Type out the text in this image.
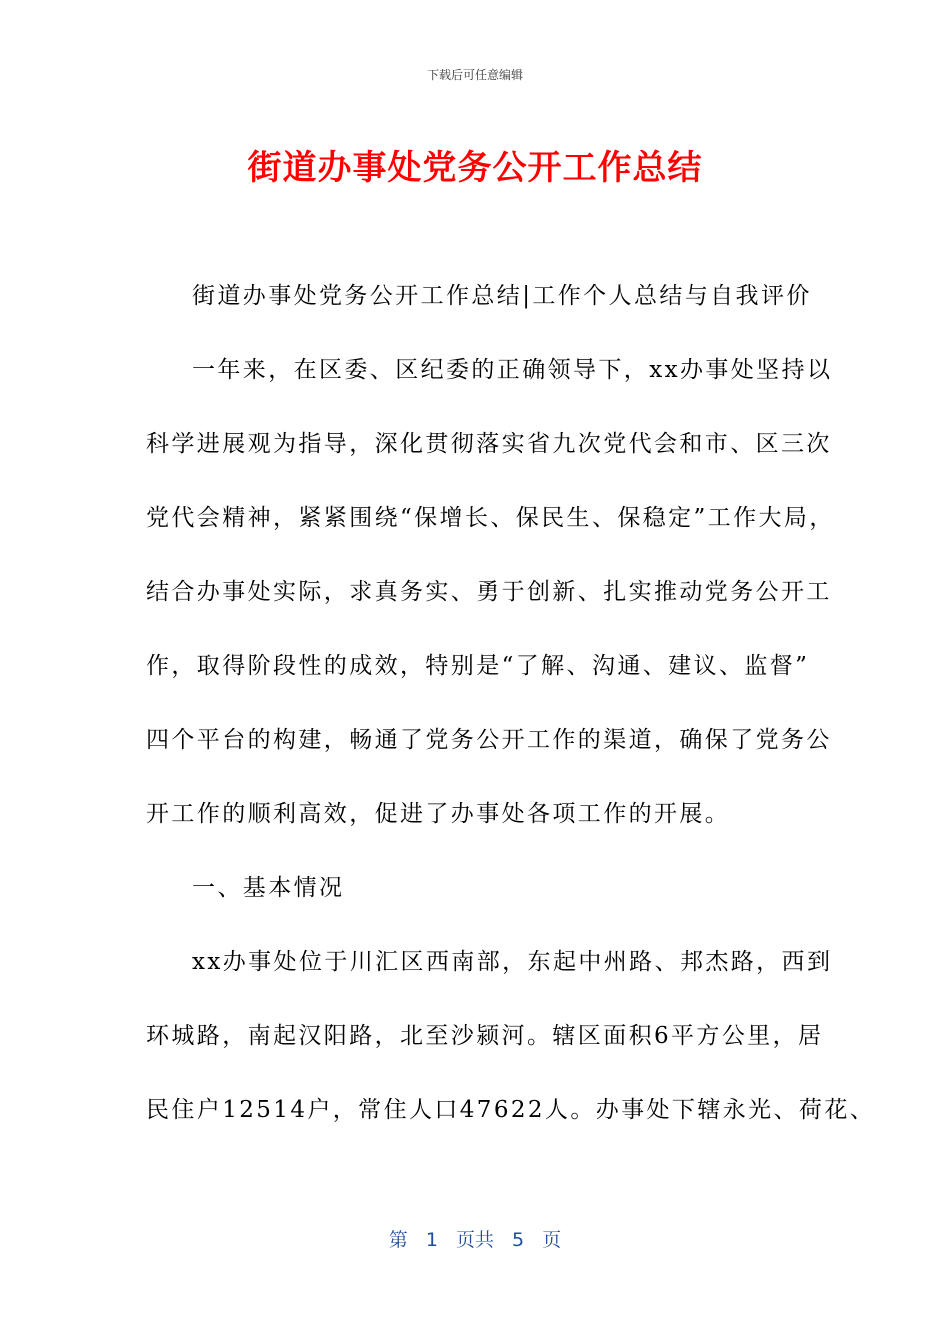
下载后可任意编辑
街道办事处党务公开工作总结
街道办事处党务公开工作总结|工作个人总结与自我评价
一年来，在区委、区纪委的正确领导下，xx办事处坚持以
科学进展观为指导，深化贯彻落实省九次党代会和市、区三次
党代会精神，紧紧围绕“保增长、保民生、保稳定”工作大局，
结合办事处实际，求真务实、勇于创新、扎实推动党务公开工
作，取得阶段性的成效，特别是“了解、沟通、建议、监督”
四个平台的构建，畅通了党务公开工作的渠道，确保了党务公
开工作的顺利高效，促进了办事处各项工作的开展。
一、基本情况
xx办事处位于川汇区西南部，东起中州路、邦杰路，西到
环城路，南起汉阳路，北至沙颍河。辖区面积6平方公里，居
民住户12514户，常住人口47622人。办事处下辖永光、荷花、
第 1 页共 5 页
